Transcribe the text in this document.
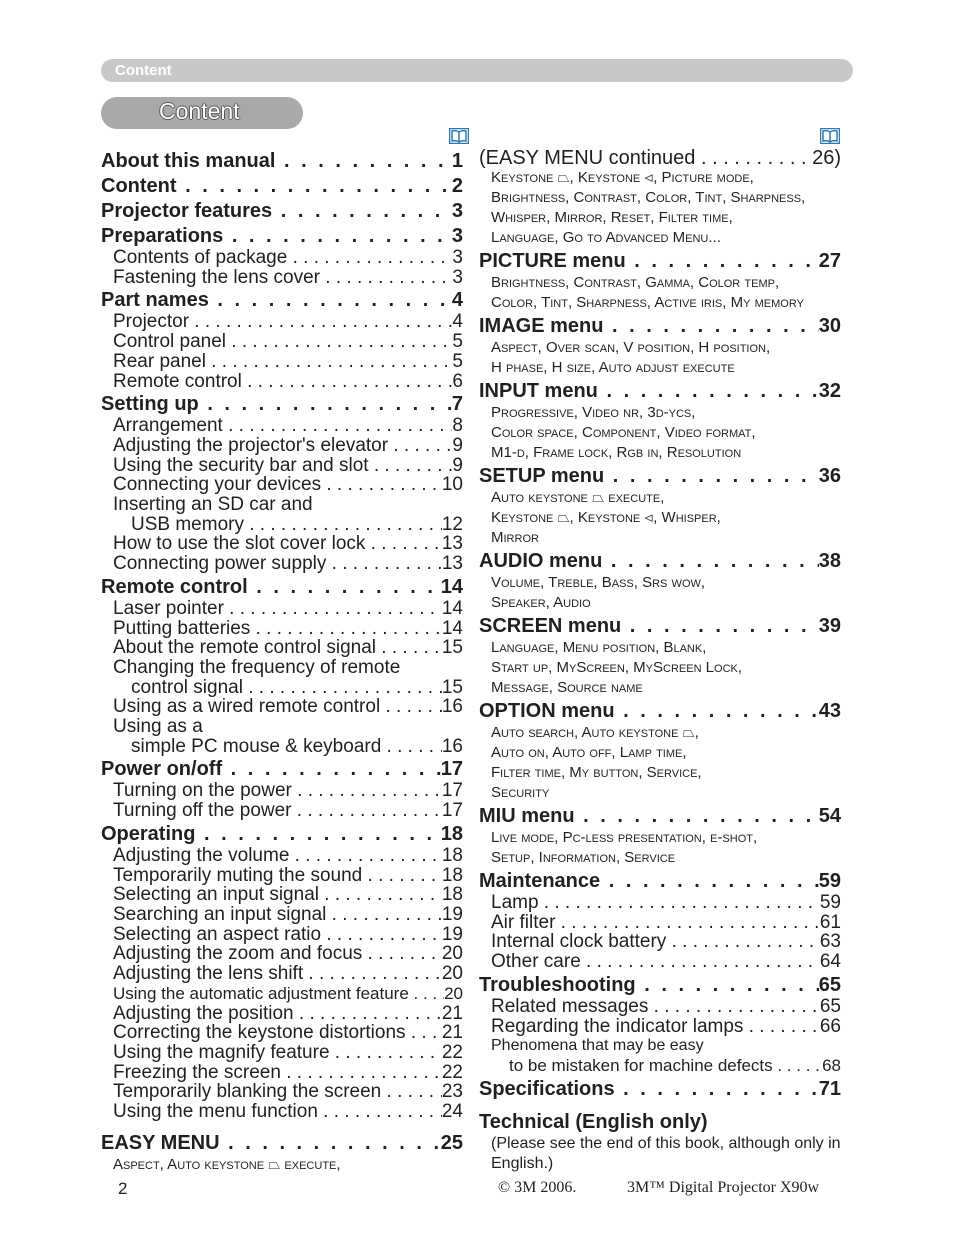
Content
Content
About this manual . . .	1
Content . . .	2
Projector features . . .	3
Preparations . . .	3
Contents of package . . .	3
Fastening the lens cover . . .	3
Part names . . .	4
Projector . . .	4
Control panel . . .	5
Rear panel . . .	5
Remote control . . .	6
Setting up . . .	7
Arrangement . . .	8
Adjusting the projector's elevator . . .	9
Using the security bar and slot . . .	9
Connecting your devices . . .	10
Inserting an SD car and
USB memory . . .	12
How to use the slot cover lock . . .	13
Connecting power supply . . .	13
Remote control . . .	14
Laser pointer . . .	14
Putting batteries . . .	14
About the remote control signal . . .	15
Changing the frequency of remote
control signal . . .	15
Using as a wired remote control . . .	16
Using as a
simple PC mouse & keyboard . . .	16
Power on/off . . .	17
Turning on the power . . .	17
Turning off the power . . .	17
Operating . . .	18
Adjusting the volume . . .	18
Temporarily muting the sound . . .	18
Selecting an input signal . . .	18
Searching an input signal . . .	19
Selecting an aspect ratio . . .	19
Adjusting the zoom and focus . . .	20
Adjusting the lens shift . . .	20
Using the automatic adjustment feature . . .	20
Adjusting the position . . .	21
Correcting the keystone distortions . . .	21
Using the magnify feature . . .	22
Freezing the screen . . .	22
Temporarily blanking the screen . . .	23
Using the menu function . . .	24
EASY MENU . . .	25
Aspect, Auto keystone ⏢ execute,
(EASY MENU continued . . .	26)
Keystone ⏢, Keystone ⊲, Picture mode,
Brightness, Contrast, Color, Tint, Sharpness,
Whisper, Mirror, Reset, Filter time,
Language, Go to Advanced Menu...
PICTURE menu . . .	27
Brightness, Contrast, Gamma, Color temp,
Color, Tint, Sharpness, Active iris, My memory
IMAGE menu . . .	30
Aspect, Over scan, V position, H position,
H phase, H size, Auto adjust execute
INPUT menu . . .	32
Progressive, Video nr, 3d-ycs,
Color space, Component, Video format,
M1-d, Frame lock, Rgb in, Resolution
SETUP menu . . .	36
Auto keystone ⏢ execute,
Keystone ⏢, Keystone ⊲, Whisper,
Mirror
AUDIO menu . . .	38
Volume, Treble, Bass, Srs wow,
Speaker, Audio
SCREEN menu . . .	39
Language, Menu position, Blank,
Start up, MyScreen, MyScreen Lock,
Message, Source name
OPTION menu . . .	43
Auto search, Auto keystone ⏢,
Auto on, Auto off, Lamp time,
Filter time, My button, Service,
Security
MIU menu . . .	54
Live mode, Pc-less presentation, e-shot,
Setup, Information, Service
Maintenance . . .	59
Lamp . . .	59
Air filter . . .	61
Internal clock battery . . .	63
Other care . . .	64
Troubleshooting . . .	65
Related messages . . .	65
Regarding the indicator lamps . . .	66
Phenomena that may be easy
to be mistaken for machine defects . . .	68
Specifications . . .	71
Technical (English only)
(Please see the end of this book, although only in English.)
2	© 3M 2006.	3M™ Digital Projector X90w
